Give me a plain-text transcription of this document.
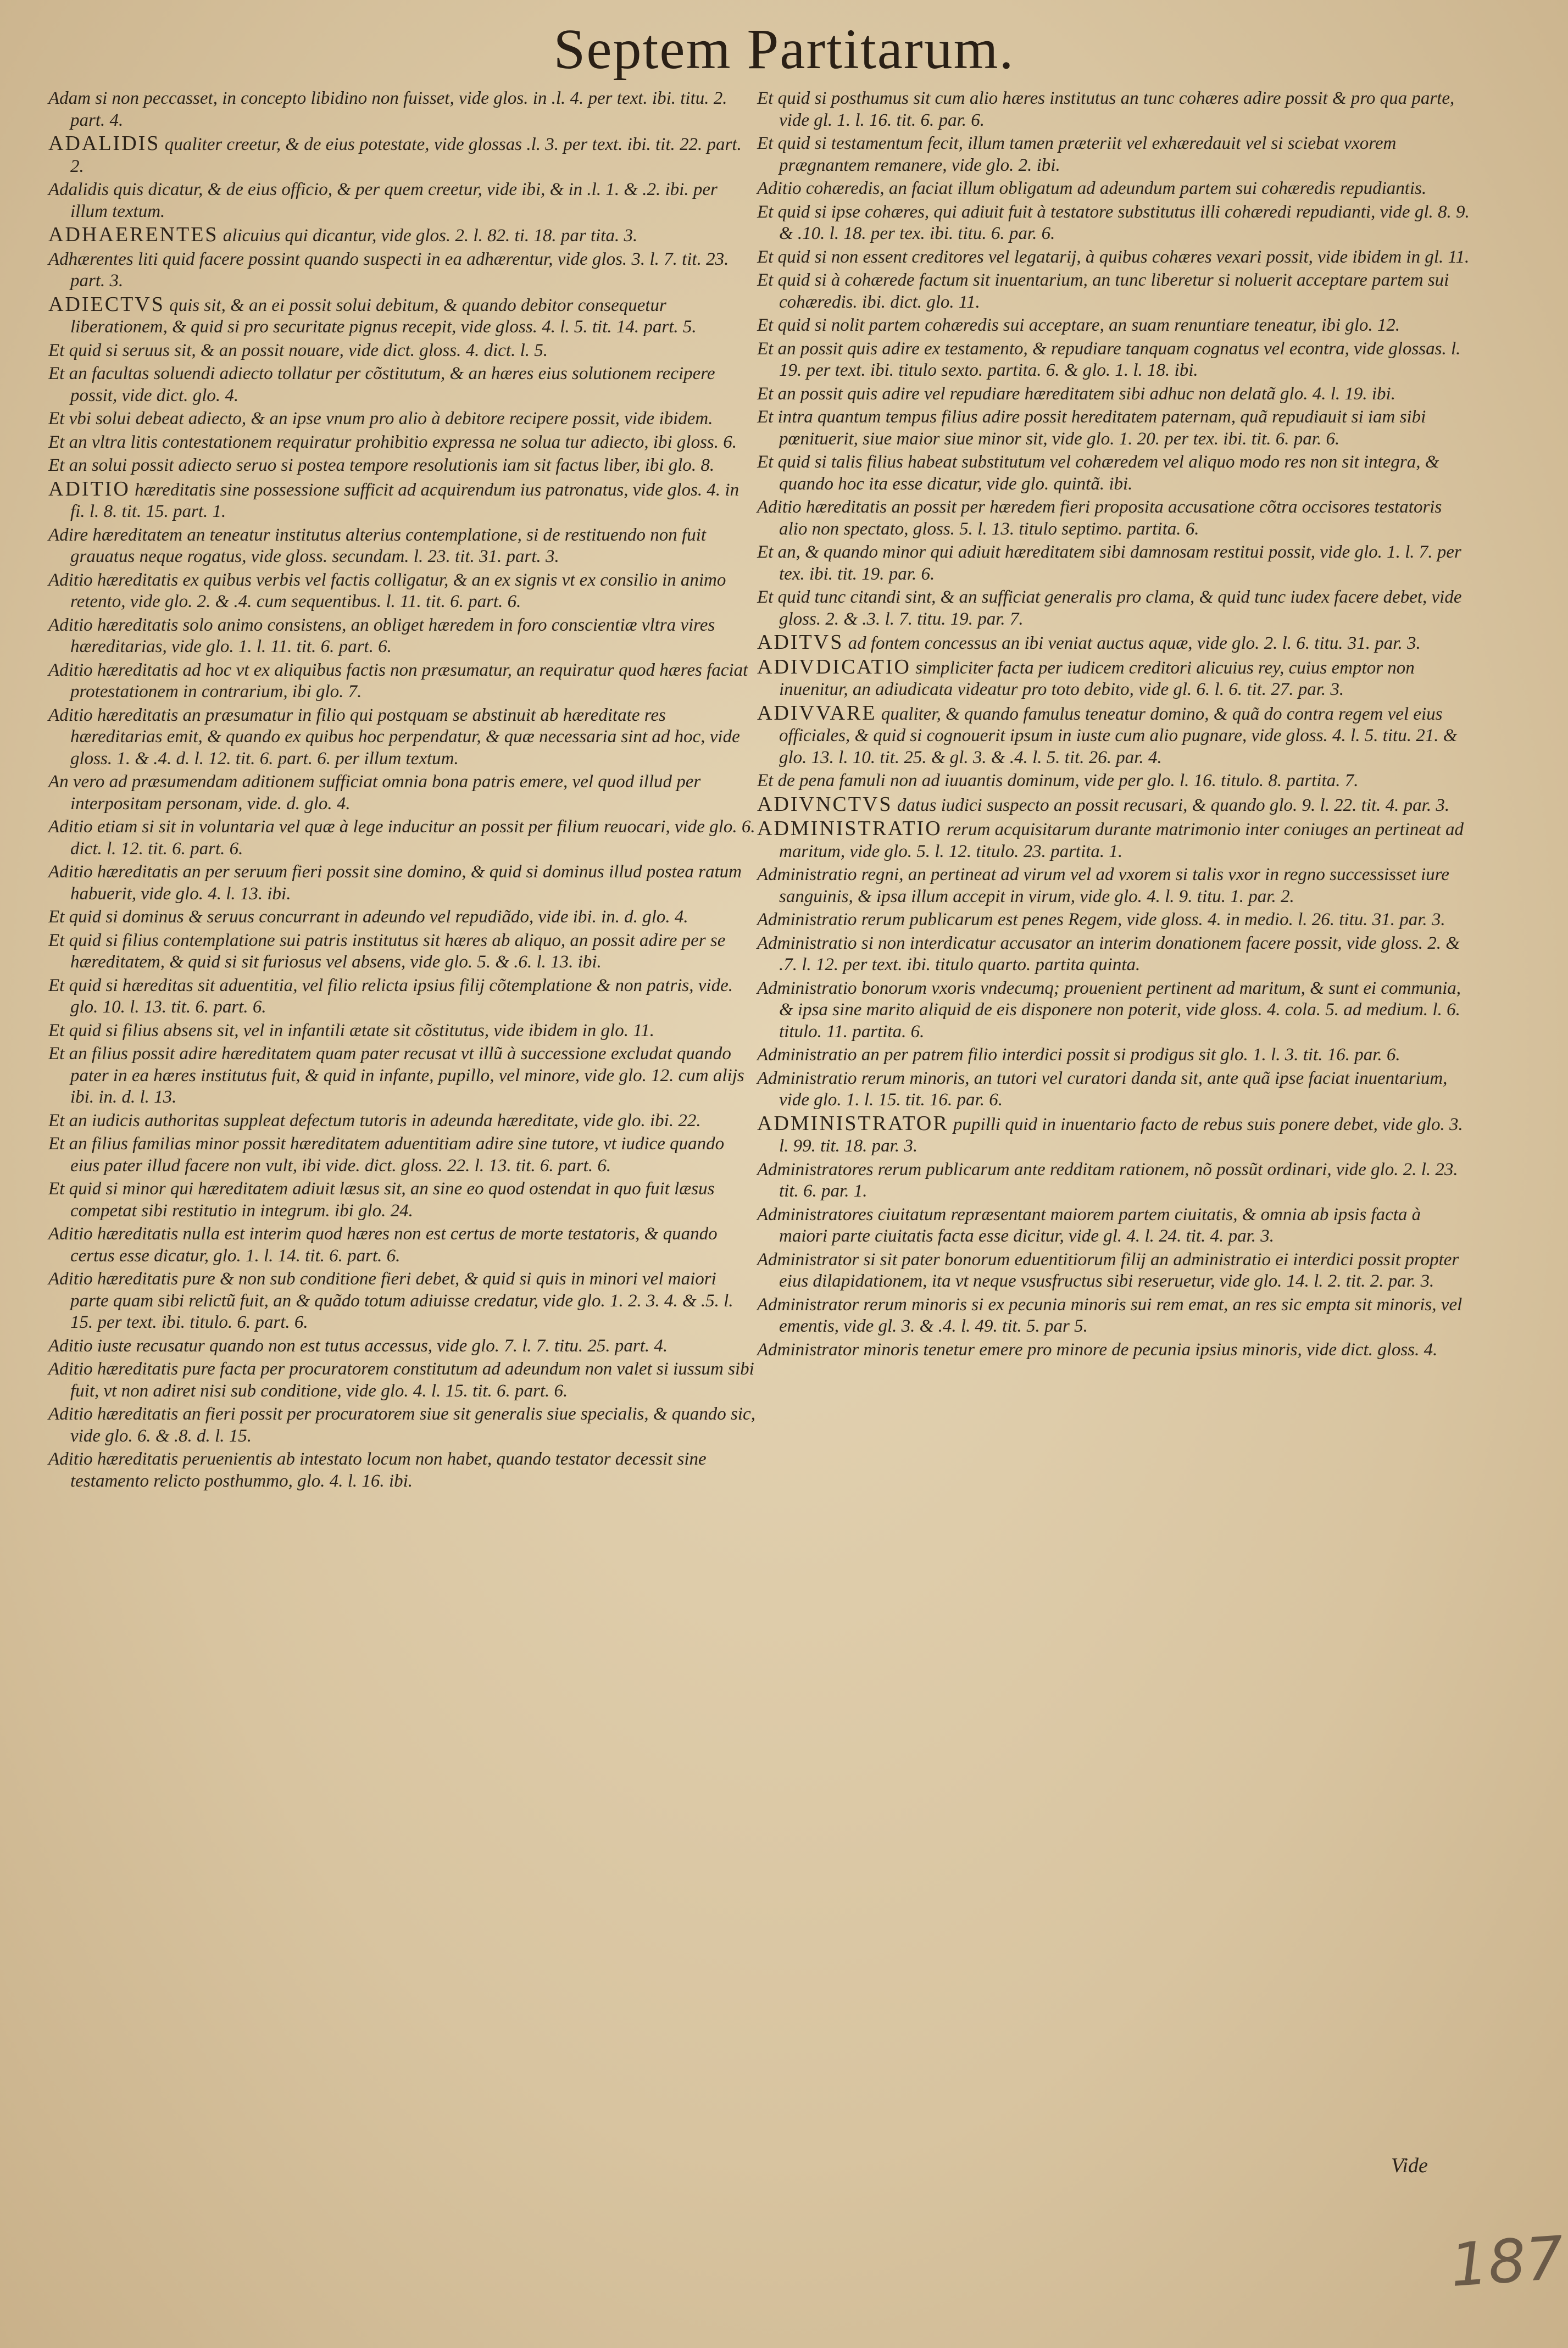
Septem Partitarum.
Adam si non peccasset, in concepto libidino non fuisset, vide glos. in .l. 4. per text. ibi. titu. 2. part. 4.
ADALIDIS qualiter creetur, & de eius potestate, vide glossas .l. 3. per text. ibi. tit. 22. part. 2.
Adalidis quis dicatur, & de eius officio, & per quem creetur, vide ibi, & in .l. 1. & .2. ibi. per illum textum.
ADHAERENTES alicuius qui dicantur, vide glos. 2. l. 82. ti. 18. par tita. 3.
Adhærentes liti quid facere possint quando suspecti in ea adhærentur, vide glos. 3. l. 7. tit. 23. part. 3.
ADIECTVS quis sit, & an ei possit solui debitum, & quando debitor consequetur liberationem, & quid si pro securitate pignus recepit, vide gloss. 4. l. 5. tit. 14. part. 5.
Et quid si seruus sit, & an possit nouare, vide dict. gloss. 4. dict. l. 5.
Et an facultas soluendi adiecto tollatur per cõstitutum, & an hæres eius solutionem recipere possit, vide dict. glo. 4.
Et vbi solui debeat adiecto, & an ipse vnum pro alio à debitore recipere possit, vide ibidem.
Et an vltra litis contestationem requiratur prohibitio expressa ne solua tur adiecto, ibi gloss. 6.
Et an solui possit adiecto seruo si postea tempore resolutionis iam sit factus liber, ibi glo. 8.
ADITIO hæreditatis sine possessione sufficit ad acquirendum ius patronatus, vide glos. 4. in fi. l. 8. tit. 15. part. 1.
Adire hæreditatem an teneatur institutus alterius contemplatione, si de restituendo non fuit grauatus neque rogatus, vide gloss. secundam. l. 23. tit. 31. part. 3.
Aditio hæreditatis ex quibus verbis vel factis colligatur, & an ex signis vt ex consilio in animo retento, vide glo. 2. & .4. cum sequentibus. l. 11. tit. 6. part. 6.
Aditio hæreditatis solo animo consistens, an obliget hæredem in foro conscientiæ vltra vires hæreditarias, vide glo. 1. l. 11. tit. 6. part. 6.
Aditio hæreditatis ad hoc vt ex aliquibus factis non præsumatur, an requiratur quod hæres faciat protestationem in contrarium, ibi glo. 7.
Aditio hæreditatis an præsumatur in filio qui postquam se abstinuit ab hæreditate res hæreditarias emit, & quando ex quibus hoc perpendatur, & quæ necessaria sint ad hoc, vide gloss. 1. & .4. d. l. 12. tit. 6. part. 6. per illum textum.
An vero ad præsumendam aditionem sufficiat omnia bona patris emere, vel quod illud per interpositam personam, vide. d. glo. 4.
Aditio etiam si sit in voluntaria vel quæ à lege inducitur an possit per filium reuocari, vide glo. 6. dict. l. 12. tit. 6. part. 6.
Aditio hæreditatis an per seruum fieri possit sine domino, & quid si dominus illud postea ratum habuerit, vide glo. 4. l. 13. ibi.
Et quid si dominus & seruus concurrant in adeundo vel repudiãdo, vide ibi. in. d. glo. 4.
Et quid si filius contemplatione sui patris institutus sit hæres ab aliquo, an possit adire per se hæreditatem, & quid si sit furiosus vel absens, vide glo. 5. & .6. l. 13. ibi.
Et quid si hæreditas sit aduentitia, vel filio relicta ipsius filij cõtemplatione & non patris, vide. glo. 10. l. 13. tit. 6. part. 6.
Et quid si filius absens sit, vel in infantili ætate sit cõstitutus, vide ibidem in glo. 11.
Et an filius possit adire hæreditatem quam pater recusat vt illũ à successione excludat quando pater in ea hæres institutus fuit, & quid in infante, pupillo, vel minore, vide glo. 12. cum alijs ibi. in. d. l. 13.
Et an iudicis authoritas suppleat defectum tutoris in adeunda hæreditate, vide glo. ibi. 22.
Et an filius familias minor possit hæreditatem aduentitiam adire sine tutore, vt iudice quando eius pater illud facere non vult, ibi vide. dict. gloss. 22. l. 13. tit. 6. part. 6.
Et quid si minor qui hæreditatem adiuit læsus sit, an sine eo quod ostendat in quo fuit læsus competat sibi restitutio in integrum. ibi glo. 24.
Aditio hæreditatis nulla est interim quod hæres non est certus de morte testatoris, & quando certus esse dicatur, glo. 1. l. 14. tit. 6. part. 6.
Aditio hæreditatis pure & non sub conditione fieri debet, & quid si quis in minori vel maiori parte quam sibi relictũ fuit, an & quãdo totum adiuisse credatur, vide glo. 1. 2. 3. 4. & .5. l. 15. per text. ibi. titulo. 6. part. 6.
Aditio iuste recusatur quando non est tutus accessus, vide glo. 7. l. 7. titu. 25. part. 4.
Aditio hæreditatis pure facta per procuratorem constitutum ad adeundum non valet si iussum sibi fuit, vt non adiret nisi sub conditione, vide glo. 4. l. 15. tit. 6. part. 6.
Aditio hæreditatis an fieri possit per procuratorem siue sit generalis siue specialis, & quando sic, vide glo. 6. & .8. d. l. 15.
Aditio hæreditatis peruenientis ab intestato locum non habet, quando testator decessit sine testamento relicto posthummo, glo. 4. l. 16. ibi.
Et quid si posthumus sit cum alio hæres institutus an tunc cohæres adire possit & pro qua parte, vide gl. 1. l. 16. tit. 6. par. 6.
Et quid si testamentum fecit, illum tamen præteriit vel exhæredauit vel si sciebat vxorem prægnantem remanere, vide glo. 2. ibi.
Aditio cohæredis, an faciat illum obligatum ad adeundum partem sui cohæredis repudiantis.
Et quid si ipse cohæres, qui adiuit fuit à testatore substitutus illi cohæredi repudianti, vide gl. 8. 9. & .10. l. 18. per tex. ibi. titu. 6. par. 6.
Et quid si non essent creditores vel legatarij, à quibus cohæres vexari possit, vide ibidem in gl. 11.
Et quid si à cohærede factum sit inuentarium, an tunc liberetur si noluerit acceptare partem sui cohæredis. ibi. dict. glo. 11.
Et quid si nolit partem cohæredis sui acceptare, an suam renuntiare teneatur, ibi glo. 12.
Et an possit quis adire ex testamento, & repudiare tanquam cognatus vel econtra, vide glossas. l. 19. per text. ibi. titulo sexto. partita. 6. & glo. 1. l. 18. ibi.
Et an possit quis adire vel repudiare hæreditatem sibi adhuc non delatã glo. 4. l. 19. ibi.
Et intra quantum tempus filius adire possit hereditatem paternam, quã repudiauit si iam sibi pœnituerit, siue maior siue minor sit, vide glo. 1. 20. per tex. ibi. tit. 6. par. 6.
Et quid si talis filius habeat substitutum vel cohæredem vel aliquo modo res non sit integra, & quando hoc ita esse dicatur, vide glo. quintã. ibi.
Aditio hæreditatis an possit per hæredem fieri proposita accusatione cõtra occisores testatoris alio non spectato, gloss. 5. l. 13. titulo septimo. partita. 6.
Et an, & quando minor qui adiuit hæreditatem sibi damnosam restitui possit, vide glo. 1. l. 7. per tex. ibi. tit. 19. par. 6.
Et quid tunc citandi sint, & an sufficiat generalis pro clama, & quid tunc iudex facere debet, vide gloss. 2. & .3. l. 7. titu. 19. par. 7.
ADITVS ad fontem concessus an ibi veniat auctus aquæ, vide glo. 2. l. 6. titu. 31. par. 3.
ADIVDICATIO simpliciter facta per iudicem creditori alicuius rey, cuius emptor non inuenitur, an adiudicata videatur pro toto debito, vide gl. 6. l. 6. tit. 27. par. 3.
ADIVVARE qualiter, & quando famulus teneatur domino, & quã do contra regem vel eius officiales, & quid si cognouerit ipsum in iuste cum alio pugnare, vide gloss. 4. l. 5. titu. 21. & glo. 13. l. 10. tit. 25. & gl. 3. & .4. l. 5. tit. 26. par. 4.
Et de pena famuli non ad iuuantis dominum, vide per glo. l. 16. titulo. 8. partita. 7.
ADIVNCTVS datus iudici suspecto an possit recusari, & quando glo. 9. l. 22. tit. 4. par. 3.
ADMINISTRATIO rerum acquisitarum durante matrimonio inter coniuges an pertineat ad maritum, vide glo. 5. l. 12. titulo. 23. partita. 1.
Administratio regni, an pertineat ad virum vel ad vxorem si talis vxor in regno successisset iure sanguinis, & ipsa illum accepit in virum, vide glo. 4. l. 9. titu. 1. par. 2.
Administratio rerum publicarum est penes Regem, vide gloss. 4. in medio. l. 26. titu. 31. par. 3.
Administratio si non interdicatur accusator an interim donationem facere possit, vide gloss. 2. & .7. l. 12. per text. ibi. titulo quarto. partita quinta.
Administratio bonorum vxoris vndecumq; prouenient pertinent ad maritum, & sunt ei communia, & ipsa sine marito aliquid de eis disponere non poterit, vide gloss. 4. cola. 5. ad medium. l. 6. titulo. 11. partita. 6.
Administratio an per patrem filio interdici possit si prodigus sit glo. 1. l. 3. tit. 16. par. 6.
Administratio rerum minoris, an tutori vel curatori danda sit, ante quã ipse faciat inuentarium, vide glo. 1. l. 15. tit. 16. par. 6.
ADMINISTRATOR pupilli quid in inuentario facto de rebus suis ponere debet, vide glo. 3. l. 99. tit. 18. par. 3.
Administratores rerum publicarum ante redditam rationem, nõ possũt ordinari, vide glo. 2. l. 23. tit. 6. par. 1.
Administratores ciuitatum repræsentant maiorem partem ciuitatis, & omnia ab ipsis facta à maiori parte ciuitatis facta esse dicitur, vide gl. 4. l. 24. tit. 4. par. 3.
Administrator si sit pater bonorum eduentitiorum filij an administratio ei interdici possit propter eius dilapidationem, ita vt neque vsusfructus sibi reseruetur, vide glo. 14. l. 2. tit. 2. par. 3.
Administrator rerum minoris si ex pecunia minoris sui rem emat, an res sic empta sit minoris, vel ementis, vide gl. 3. & .4. l. 49. tit. 5. par 5.
Administrator minoris tenetur emere pro minore de pecunia ipsius minoris, vide dict. gloss. 4.
Vide
187
